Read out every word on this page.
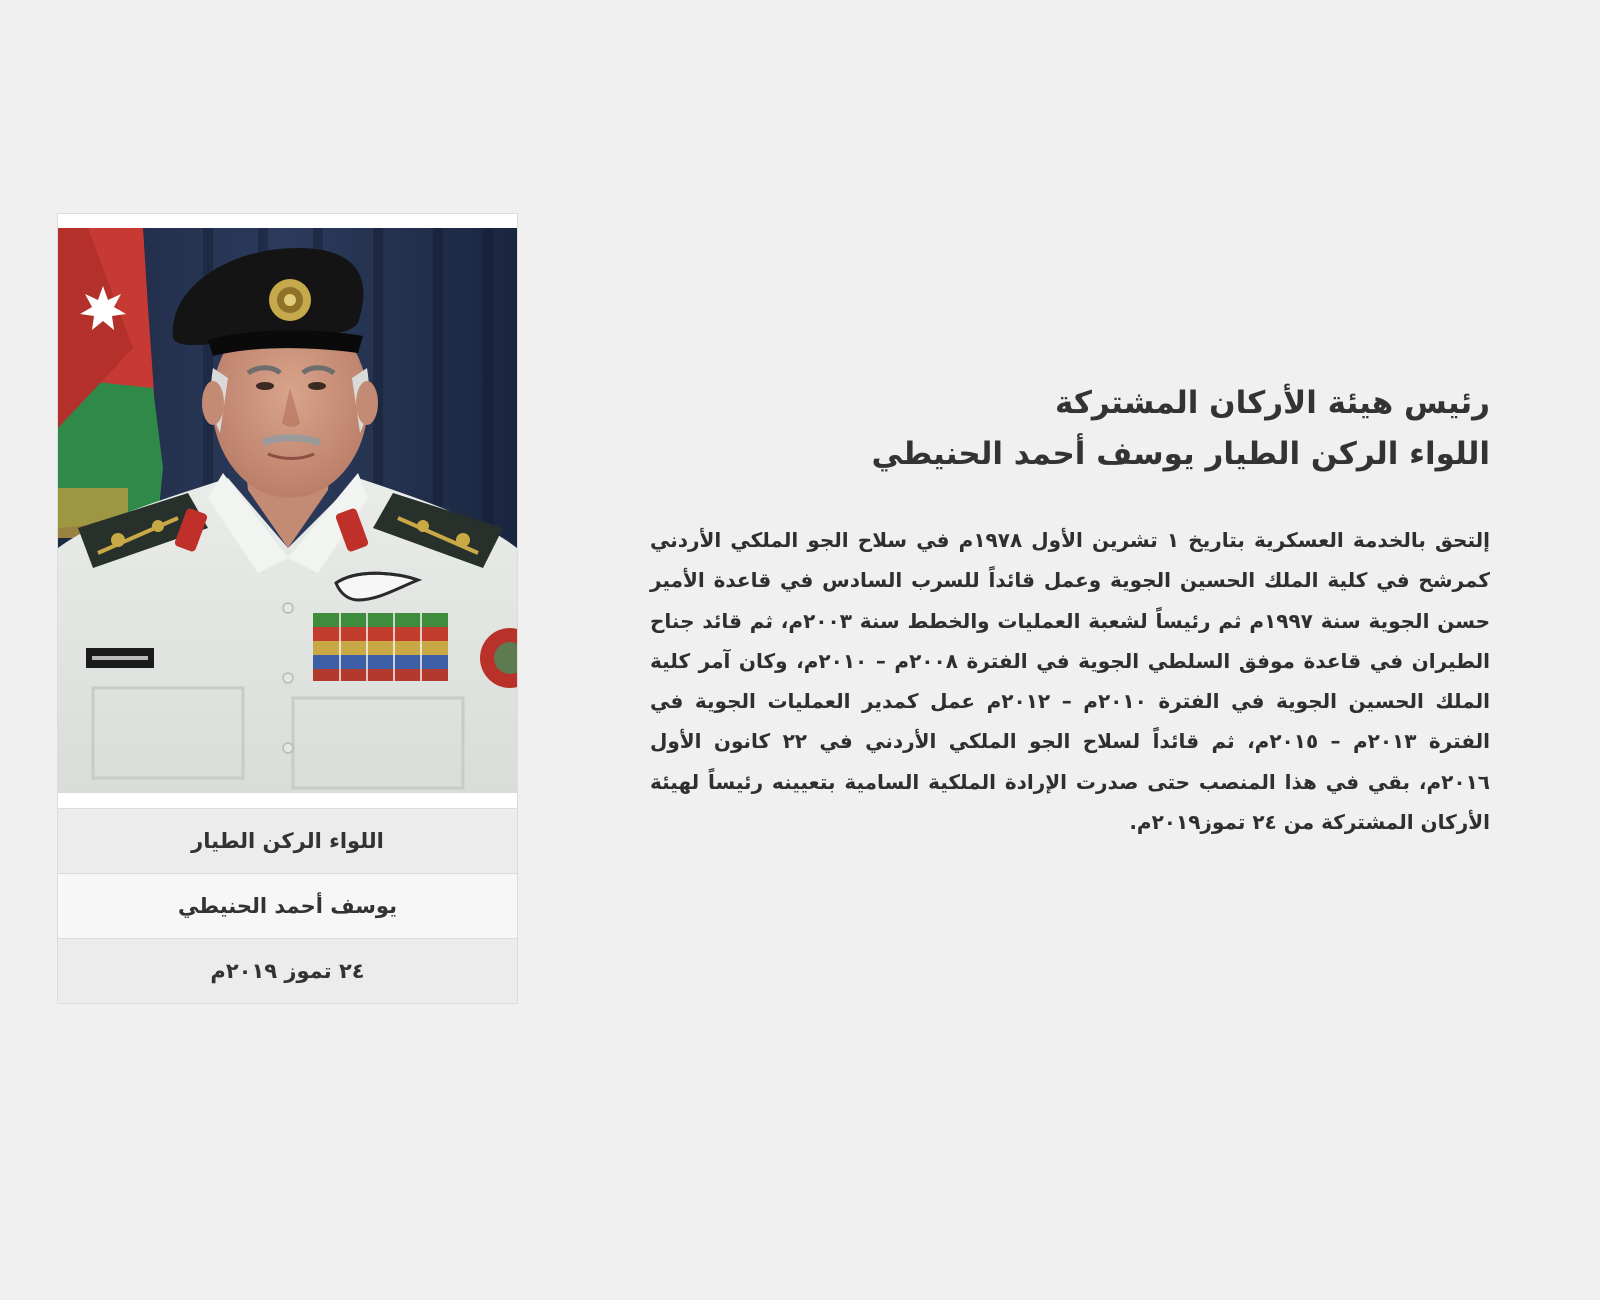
اللواء الركن الطيار
يوسف أحمد الحنيطي
٢٤ تموز ٢٠١٩م
رئيس هيئة الأركان المشتركة
اللواء الركن الطيار يوسف أحمد الحنيطي

إلتحق بالخدمة العسكرية بتاريخ ١ تشرين الأول ١٩٧٨م في سلاح الجو الملكي الأردني كمرشح في كلية الملك الحسين الجوية وعمل قائداً للسرب السادس في قاعدة الأمير حسن الجوية سنة ١٩٩٧م ثم رئيساً لشعبة العمليات والخطط سنة ٢٠٠٣م، ثم قائد جناح الطيران في قاعدة موفق السلطي الجوية في الفترة ٢٠٠٨م – ٢٠١٠م، وكان آمر كلية الملك الحسين الجوية في الفترة ٢٠١٠م – ٢٠١٢م عمل كمدير العمليات الجوية في الفترة ٢٠١٣م – ٢٠١٥م، ثم قائداً لسلاح الجو الملكي الأردني في ٢٢ كانون الأول ٢٠١٦م، بقي في هذا المنصب حتى صدرت الإرادة الملكية السامية بتعيينه رئيساً لهيئة الأركان المشتركة من ٢٤ تموز٢٠١٩م.
